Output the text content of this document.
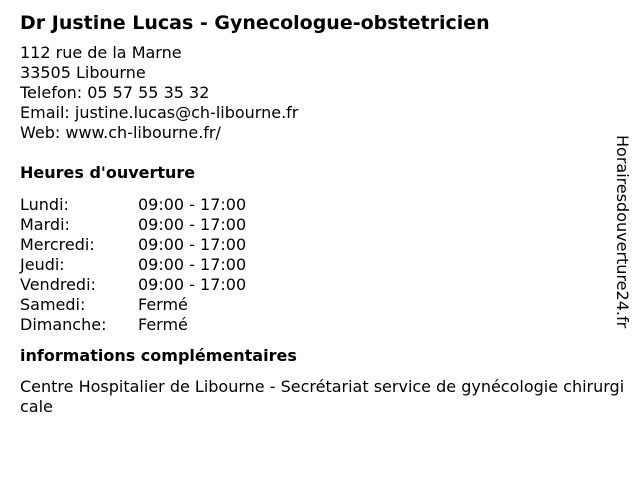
Dr Justine Lucas - Gynecologue-obstetricien
112 rue de la Marne
33505 Libourne
Telefon: 05 57 55 35 32
Email: justine.lucas@ch-libourne.fr
Web: www.ch-libourne.fr/
Heures d'ouverture
Lundi:	09:00 - 17:00
Mardi:	09:00 - 17:00
Mercredi:	09:00 - 17:00
Jeudi:	09:00 - 17:00
Vendredi:	09:00 - 17:00
Samedi:	Fermé
Dimanche:	Fermé
informations complémentaires
Centre Hospitalier de Libourne - Secrétariat service de gynécologie chirurgicale
Horairesdouverture24.fr
